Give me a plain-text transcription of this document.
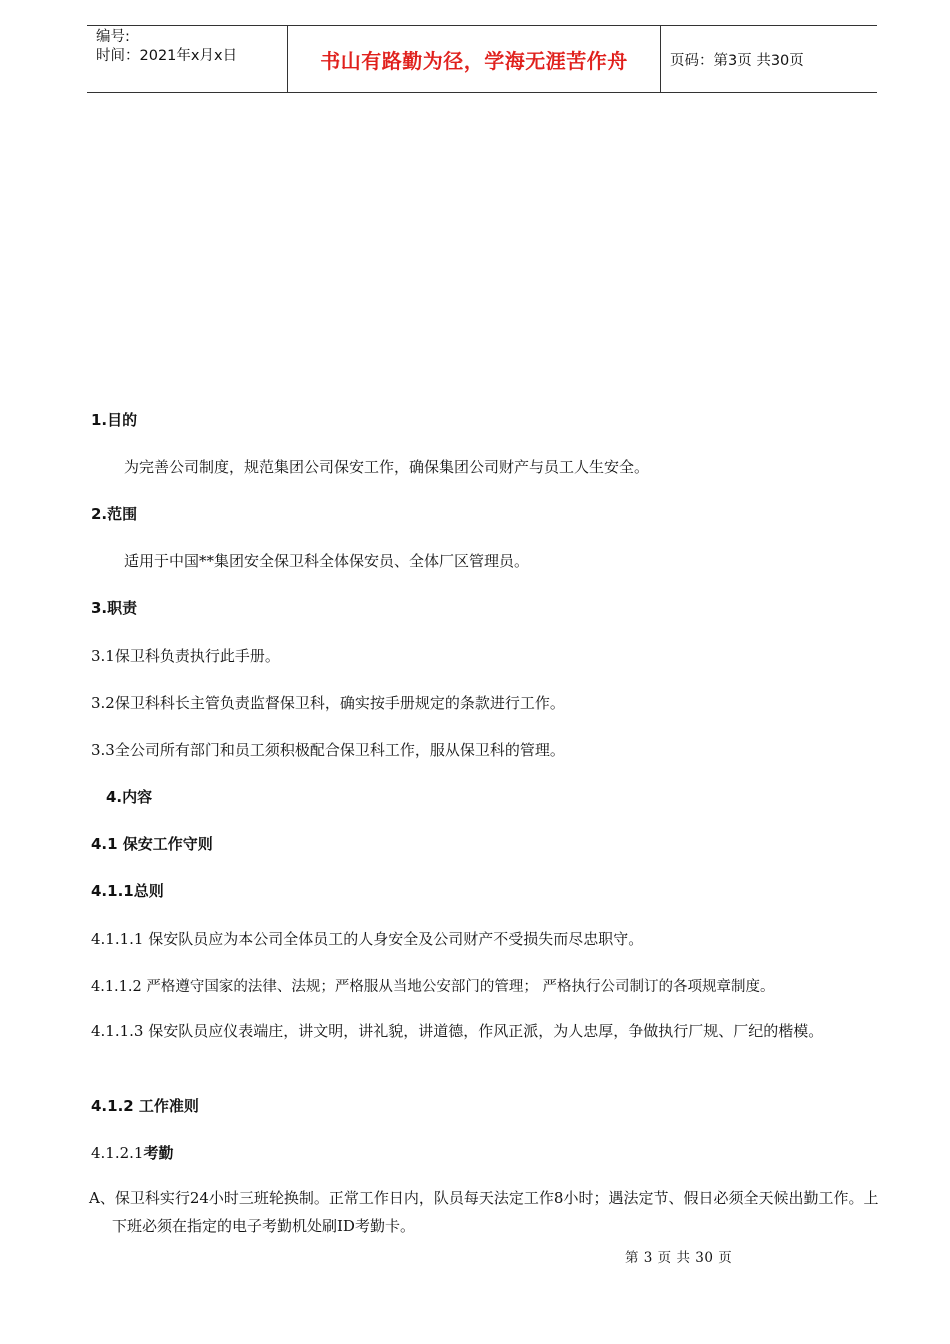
编号:
时间：2021年x月x日	书山有路勤为径，学海无涯苦作舟	页码：第3页 共30页
1.目的
为完善公司制度，规范集团公司保安工作，确保集团公司财产与员工人生安全。
2.范围
适用于中国**集团安全保卫科全体保安员、全体厂区管理员。
3.职责
3.1保卫科负责执行此手册。
3.2保卫科科长主管负责监督保卫科，确实按手册规定的条款进行工作。
3.3全公司所有部门和员工须积极配合保卫科工作，服从保卫科的管理。
4.内容
4.1 保安工作守则
4.1.1总则
4.1.1.1 保安队员应为本公司全体员工的人身安全及公司财产不受损失而尽忠职守。
4.1.1.2 严格遵守国家的法律、法规；严格服从当地公安部门的管理； 严格执行公司制订的各项规章制度。
4.1.1.3 保安队员应仪表端庄，讲文明，讲礼貌，讲道德，作风正派，为人忠厚，争做执行厂规、厂纪的楷模。
4.1.2 工作准则
4.1.2.1考勤
A、保卫科实行24小时三班轮换制。正常工作日内，队员每天法定工作8小时；遇法定节、假日必须全天候出勤工作。上下班必须在指定的电子考勤机处刷ID考勤卡。
第 3 页 共 30 页
